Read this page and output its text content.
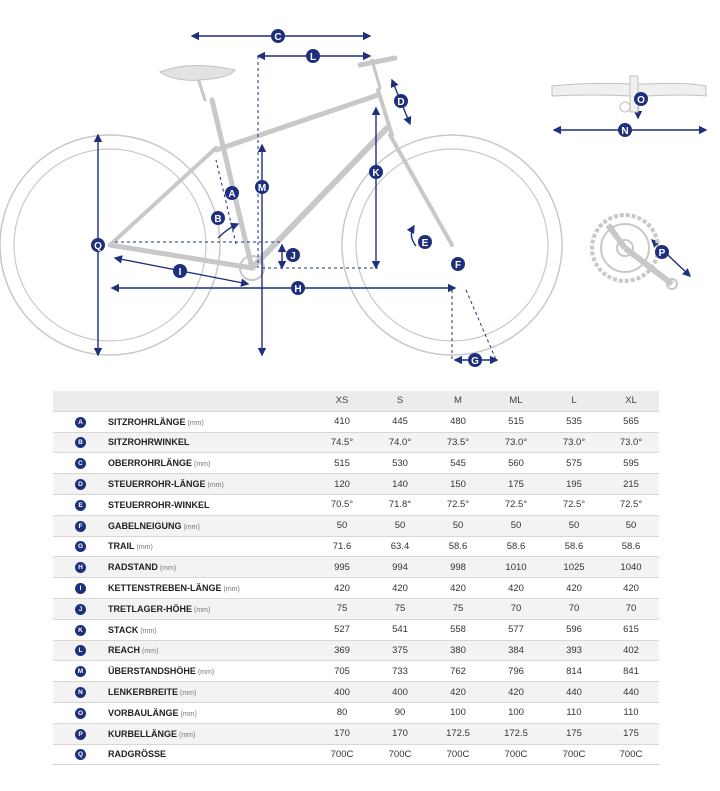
A
B
C
D
E
F
G
H
I
J
K
L
M
N
O
P
Q
		XS	S	M	ML	L	XL
A	SITZROHRLÄNGE (mm)	410	445	480	515	535	565
B	SITZROHRWINKEL	74.5°	74.0°	73.5°	73.0°	73.0°	73.0°
C	OBERROHRLÄNGE (mm)	515	530	545	560	575	595
D	STEUERROHR-LÄNGE (mm)	120	140	150	175	195	215
E	STEUERROHR-WINKEL	70.5°	71.8°	72.5°	72.5°	72.5°	72.5°
F	GABELNEIGUNG (mm)	50	50	50	50	50	50
G	TRAIL (mm)	71.6	63.4	58.6	58.6	58.6	58.6
H	RADSTAND (mm)	995	994	998	1010	1025	1040
I	KETTENSTREBEN-LÄNGE (mm)	420	420	420	420	420	420
J	TRETLAGER-HÖHE (mm)	75	75	75	70	70	70
K	STACK (mm)	527	541	558	577	596	615
L	REACH (mm)	369	375	380	384	393	402
M	ÜBERSTANDSHÖHE (mm)	705	733	762	796	814	841
N	LENKERBREITE (mm)	400	400	420	420	440	440
O	VORBAULÄNGE (mm)	80	90	100	100	110	110
P	KURBELLÄNGE (mm)	170	170	172.5	172.5	175	175
Q	RADGRÖSSE	700C	700C	700C	700C	700C	700C
